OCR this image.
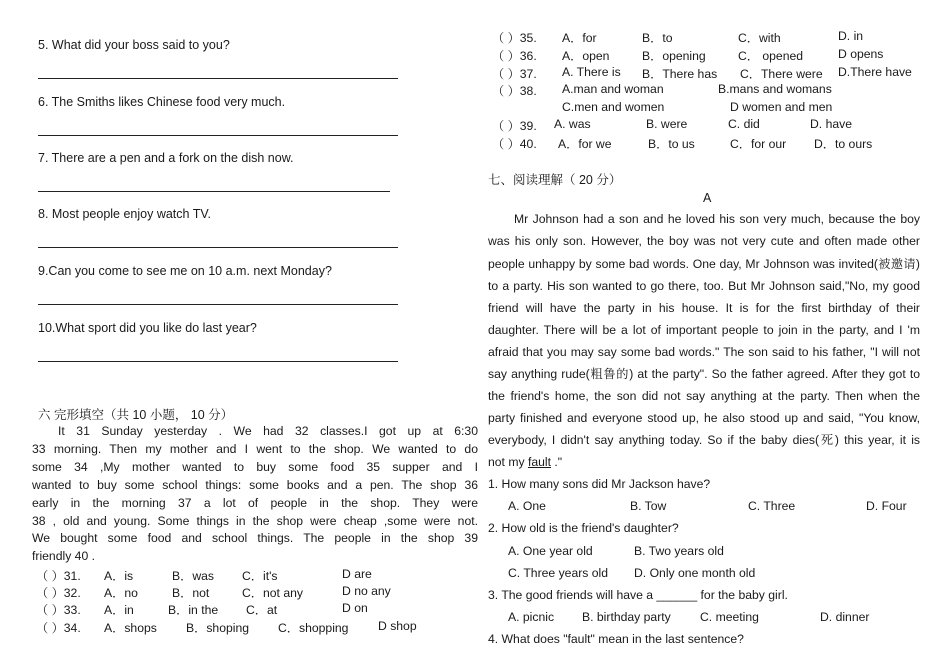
5. What did your boss said to you?
6. The Smiths likes Chinese food very much.
7. There are a pen and a fork on the dish now.
8. Most people enjoy watch TV.
9.Can you come to see me on 10 a.m. next Monday?
10.What sport did you like do last year?
六 完形填空（共 10 小题， 10 分）
It 31 Sunday yesterday . We had 32 classes.I got up at 6:30
33 morning. Then my mother and I went to the shop. We wanted to do
some 34 ,My mother wanted to buy some food 35 supper and I
wanted to buy some school things: some books and a pen. The shop 36
early in the morning 37 a lot of people in the shop. They were
38 , old and young. Some things in the shop were cheap ,some were not.
We bought some food and school things. The people in the shop 39
friendly 40 .
（ ）31. A．is	B．was C．it's	D are
（ ）32. A．no	B．not	C．not any	D no any
（ ）33. A．in	B．in the C．at	D on
（ ）34. A．shops B．shoping C．shopping D shop
（ ）35. A．for	B．to	C．with	D. in
（ ）36. A．open	B．opening	C． opened	D opens
（ ）37. A. There is B．There has C．There were D.There have
（ ）38. A.man and woman	B.mans and womans
C.men and women	D women and men
（ ）39. A. was	B. were	C. did	D. have
（ ）40. A．for we	B．to us	C．for our D．to ours
七、阅读理解（ 20 分）
A
Mr Johnson had a son and he loved his son very much, because the boy
was his only son. However, the boy was not very cute and often made other
people unhappy by some bad words. One day, Mr Johnson was invited(被邀请)
to a party. His son wanted to go there, too. But Mr Johnson said,"No, my good
friend will have the party in his house. It is for the first birthday of their
daughter. There will be a lot of important people to join in the party, and I 'm
afraid that you may say some bad words." The son said to his father, "I will not
say anything rude(粗鲁的) at the party". So the father agreed. After they got to
the friend's home, the son did not say anything at the party. Then when the
party finished and everyone stood up, he also stood up and said, "You know,
everybody, I didn't say anything today. So if the baby dies(死) this year, it is
not my fault ."
1. How many sons did Mr Jackson have?
A. One	B. Tow	C. Three	D. Four
2. How old is the friend's daughter?
A. One year old	B. Two years old
C. Three years old D. Only one month old
3. The good friends will have a ______ for the baby girl.
A. picnic B. birthday party C. meeting	D. dinner
4. What does "fault" mean in the last sentence?
